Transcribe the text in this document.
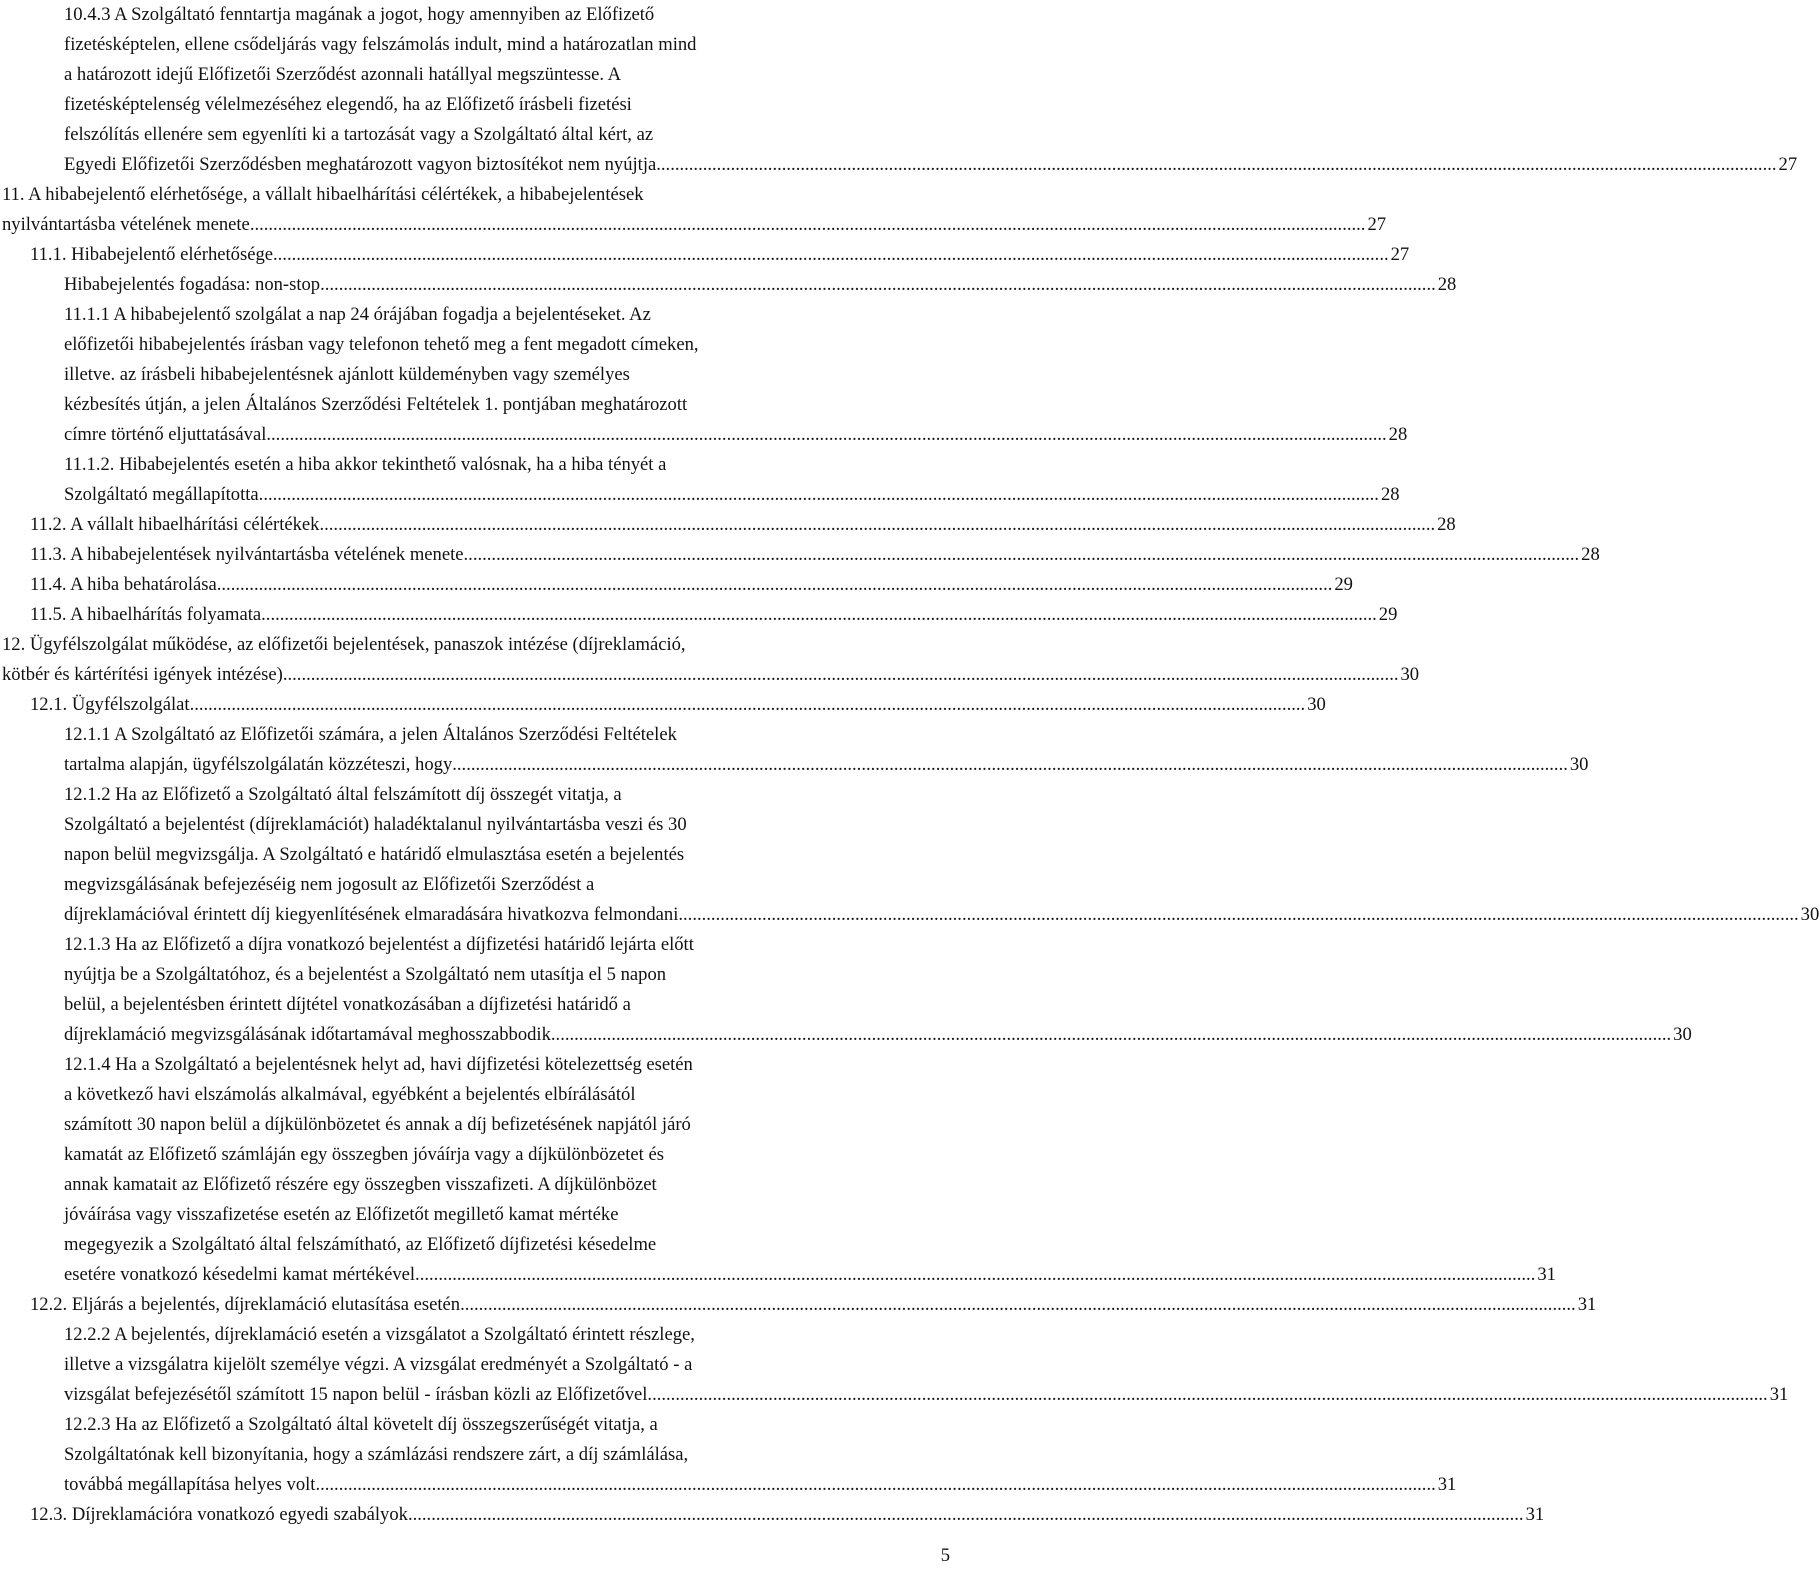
10.4.3 A Szolgáltató fenntartja magának a jogot, hogy amennyiben az Előfizető
fizetésképtelen, ellene csődeljárás vagy felszámolás indult, mind a határozatlan mind
a határozott idejű Előfizetői Szerződést azonnali hatállyal megszüntesse. A
fizetésképtelenség vélelmezéséhez elegendő, ha az Előfizető írásbeli fizetési
felszólítás ellenére sem egyenlíti ki a tartozását vagy a Szolgáltató által kért, az
Egyedi Előfizetői Szerződésben meghatározott vagyon biztosítékot nem nyújtja. .....	27
11. A hibabejelentő elérhetősége, a vállalt hibaelhárítási célértékek, a hibabejelentések
nyilvántartásba vételének menete .....	27
11.1. Hibabejelentő elérhetősége .....	27
Hibabejelentés fogadása: non-stop .....	28
11.1.1 A hibabejelentő szolgálat a nap 24 órájában fogadja a bejelentéseket. Az
előfizetői hibabejelentés írásban vagy telefonon tehető meg a fent megadott címeken,
illetve. az írásbeli hibabejelentésnek ajánlott küldeményben vagy személyes
kézbesítés útján, a jelen Általános Szerződési Feltételek 1. pontjában meghatározott
címre történő eljuttatásával. .....	28
11.1.2. Hibabejelentés esetén a hiba akkor tekinthető valósnak, ha a hiba tényét a
Szolgáltató megállapította. .....	28
11.2. A vállalt hibaelhárítási célértékek .....	28
11.3. A hibabejelentések nyilvántartásba vételének menete .....	28
11.4. A hiba behatárolása .....	29
11.5. A hibaelhárítás folyamata .....	29
12. Ügyfélszolgálat működése, az előfizetői bejelentések, panaszok intézése (díjreklamáció,
kötbér és kártérítési igények intézése) .....	30
12.1. Ügyfélszolgálat .....	30
12.1.1 A Szolgáltató az Előfizetői számára, a jelen Általános Szerződési Feltételek
tartalma alapján, ügyfélszolgálatán közzéteszi, hogy .....	30
12.1.2 Ha az Előfizető a Szolgáltató által felszámított díj összegét vitatja, a
Szolgáltató a bejelentést (díjreklamációt) haladéktalanul nyilvántartásba veszi és 30
napon belül megvizsgálja. A Szolgáltató e határidő elmulasztása esetén a bejelentés
megvizsgálásának befejezéséig nem jogosult az Előfizetői Szerződést a
díjreklamációval érintett díj kiegyenlítésének elmaradására hivatkozva felmondani. .....	30
12.1.3 Ha az Előfizető a díjra vonatkozó bejelentést a díjfizetési határidő lejárta előtt
nyújtja be a Szolgáltatóhoz, és a bejelentést a Szolgáltató nem utasítja el 5 napon
belül, a bejelentésben érintett díjtétel vonatkozásában a díjfizetési határidő a
díjreklamáció megvizsgálásának időtartamával meghosszabbodik. .....	30
12.1.4 Ha a Szolgáltató a bejelentésnek helyt ad, havi díjfizetési kötelezettség esetén
a következő havi elszámolás alkalmával, egyébként a bejelentés elbírálásától
számított 30 napon belül a díjkülönbözetet és annak a díj befizetésének napjától járó
kamatát az Előfizető számláján egy összegben jóváírja vagy a díjkülönbözetet és
annak kamatait az Előfizető részére egy összegben visszafizeti. A díjkülönbözet
jóváírása vagy visszafizetése esetén az Előfizetőt megillető kamat mértéke
megegyezik a Szolgáltató által felszámítható, az Előfizető díjfizetési késedelme
esetére vonatkozó késedelmi kamat mértékével. .....	31
12.2. Eljárás a bejelentés, díjreklamáció elutasítása esetén .....	31
12.2.2 A bejelentés, díjreklamáció esetén a vizsgálatot a Szolgáltató érintett részlege,
illetve a vizsgálatra kijelölt személye végzi. A vizsgálat eredményét a Szolgáltató - a
vizsgálat befejezésétől számított 15 napon belül - írásban közli az Előfizetővel. .....	31
12.2.3 Ha az Előfizető a Szolgáltató által követelt díj összegszerűségét vitatja, a
Szolgáltatónak kell bizonyítania, hogy a számlázási rendszere zárt, a díj számlálása,
továbbá megállapítása helyes volt. .....	31
12.3. Díjreklamációra vonatkozó egyedi szabályok .....	31
5
